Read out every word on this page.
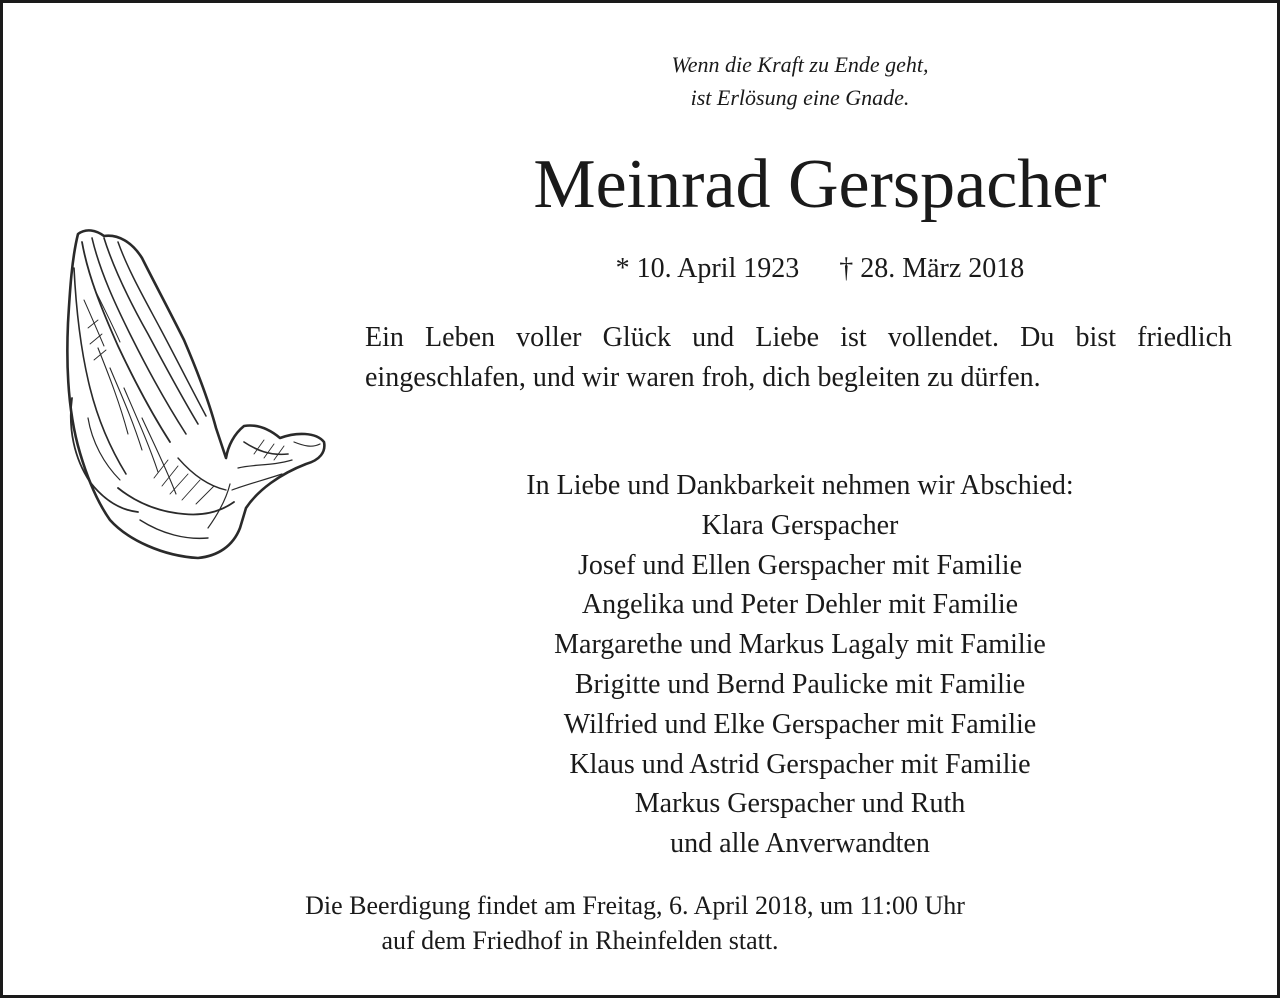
Wenn die Kraft zu Ende geht,
ist Erlösung eine Gnade.
Meinrad Gerspacher
* 10. April 1923 † 28. März 2018
Ein Leben voller Glück und Liebe ist vollendet. Du bist friedlich eingeschlafen, und wir waren froh, dich begleiten zu dürfen.
In Liebe und Dankbarkeit nehmen wir Abschied:
Klara Gerspacher
Josef und Ellen Gerspacher mit Familie
Angelika und Peter Dehler mit Familie
Margarethe und Markus Lagaly mit Familie
Brigitte und Bernd Paulicke mit Familie
Wilfried und Elke Gerspacher mit Familie
Klaus und Astrid Gerspacher mit Familie
Markus Gerspacher und Ruth
und alle Anverwandten
Die Beerdigung findet am Freitag, 6. April 2018, um 11:00 Uhr
auf dem Friedhof in Rheinfelden statt.
